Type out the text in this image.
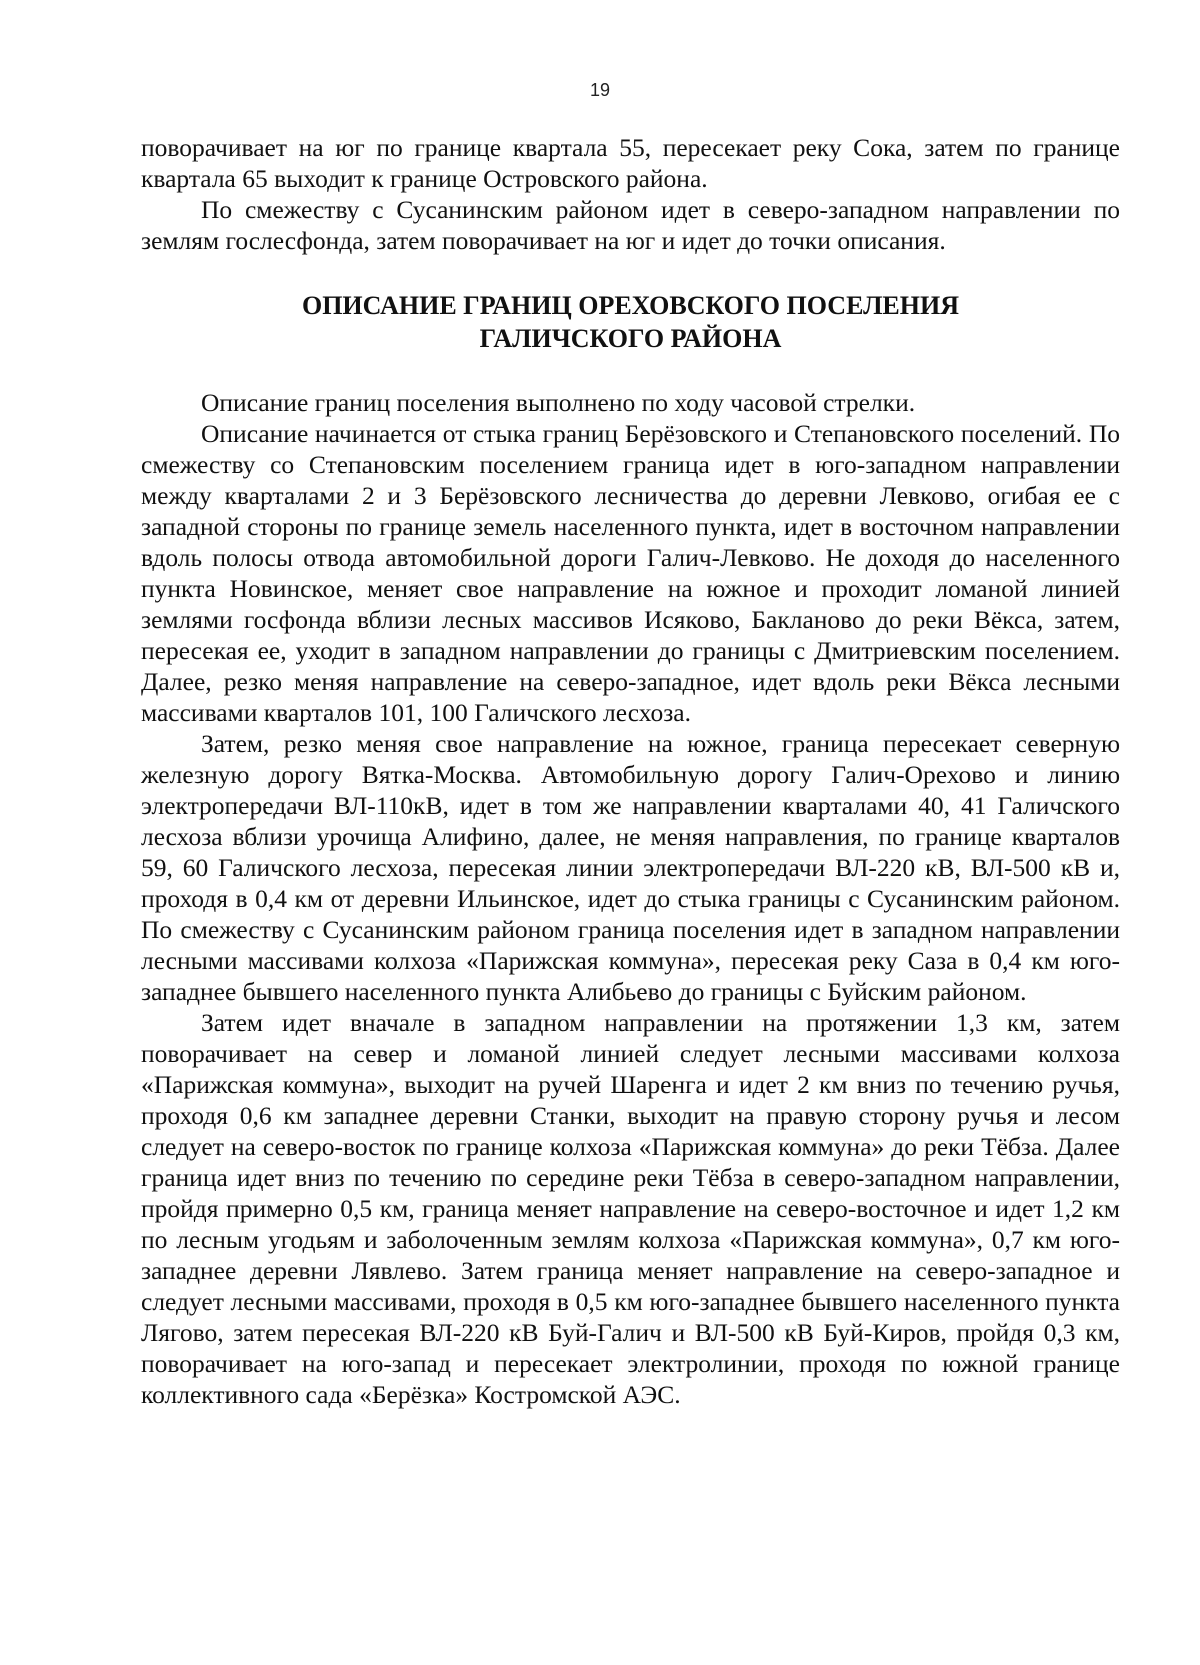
19

поворачивает на юг по границе квартала 55, пересекает реку Сока, затем по границе квартала 65 выходит к границе Островского района.

По смежеству с Сусанинским районом идет в северо-западном направлении по землям гослесфонда, затем поворачивает на юг и идет до точки описания.

ОПИСАНИЕ ГРАНИЦ ОРЕХОВСКОГО ПОСЕЛЕНИЯ
ГАЛИЧСКОГО РАЙОНА

Описание границ поселения выполнено по ходу часовой стрелки.

Описание начинается от стыка границ Берёзовского и Степановского поселений. По смежеству со Степановским поселением граница идет в юго-западном направлении между кварталами 2 и 3 Берёзовского лесничества до деревни Левково, огибая ее с западной стороны по границе земель населенного пункта, идет в восточном направлении вдоль полосы отвода автомобильной дороги Галич-Левково. Не доходя до населенного пункта Новинское, меняет свое направление на южное и проходит ломаной линией землями госфонда вблизи лесных массивов Исяково, Бакланово до реки Вёкса, затем, пересекая ее, уходит в западном направлении до границы с Дмитриевским поселением. Далее, резко меняя направление на северо-западное, идет вдоль реки Вёкса лесными массивами кварталов 101, 100 Галичского лесхоза.

Затем, резко меняя свое направление на южное, граница пересекает северную железную дорогу Вятка-Москва. Автомобильную дорогу Галич-Орехово и линию электропередачи ВЛ-110кВ, идет в том же направлении кварталами 40, 41 Галичского лесхоза вблизи урочища Алифино, далее, не меняя направления, по границе кварталов 59, 60 Галичского лесхоза, пересекая линии электропередачи ВЛ-220 кВ, ВЛ-500 кВ и, проходя в 0,4 км от деревни Ильинское, идет до стыка границы с Сусанинским районом. По смежеству с Сусанинским районом граница поселения идет в западном направлении лесными массивами колхоза «Парижская коммуна», пересекая реку Саза в 0,4 км юго-западнее бывшего населенного пункта Алибьево до границы с Буйским районом.

Затем идет вначале в западном направлении на протяжении 1,3 км, затем поворачивает на север и ломаной линией следует лесными массивами колхоза «Парижская коммуна», выходит на ручей Шаренга и идет 2 км вниз по течению ручья, проходя 0,6 км западнее деревни Станки, выходит на правую сторону ручья и лесом следует на северо-восток по границе колхоза «Парижская коммуна» до реки Тёбза. Далее граница идет вниз по течению по середине реки Тёбза в северо-западном направлении, пройдя примерно 0,5 км, граница меняет направление на северо-восточное и идет 1,2 км по лесным угодьям и заболоченным землям колхоза «Парижская коммуна», 0,7 км юго-западнее деревни Лявлево. Затем граница меняет направление на северо-западное и следует лесными массивами, проходя в 0,5 км юго-западнее бывшего населенного пункта Лягово, затем пересекая ВЛ-220 кВ Буй-Галич и ВЛ-500 кВ Буй-Киров, пройдя 0,3 км, поворачивает на юго-запад и пересекает электролинии, проходя по южной границе коллективного сада «Берёзка» Костромской АЭС.
